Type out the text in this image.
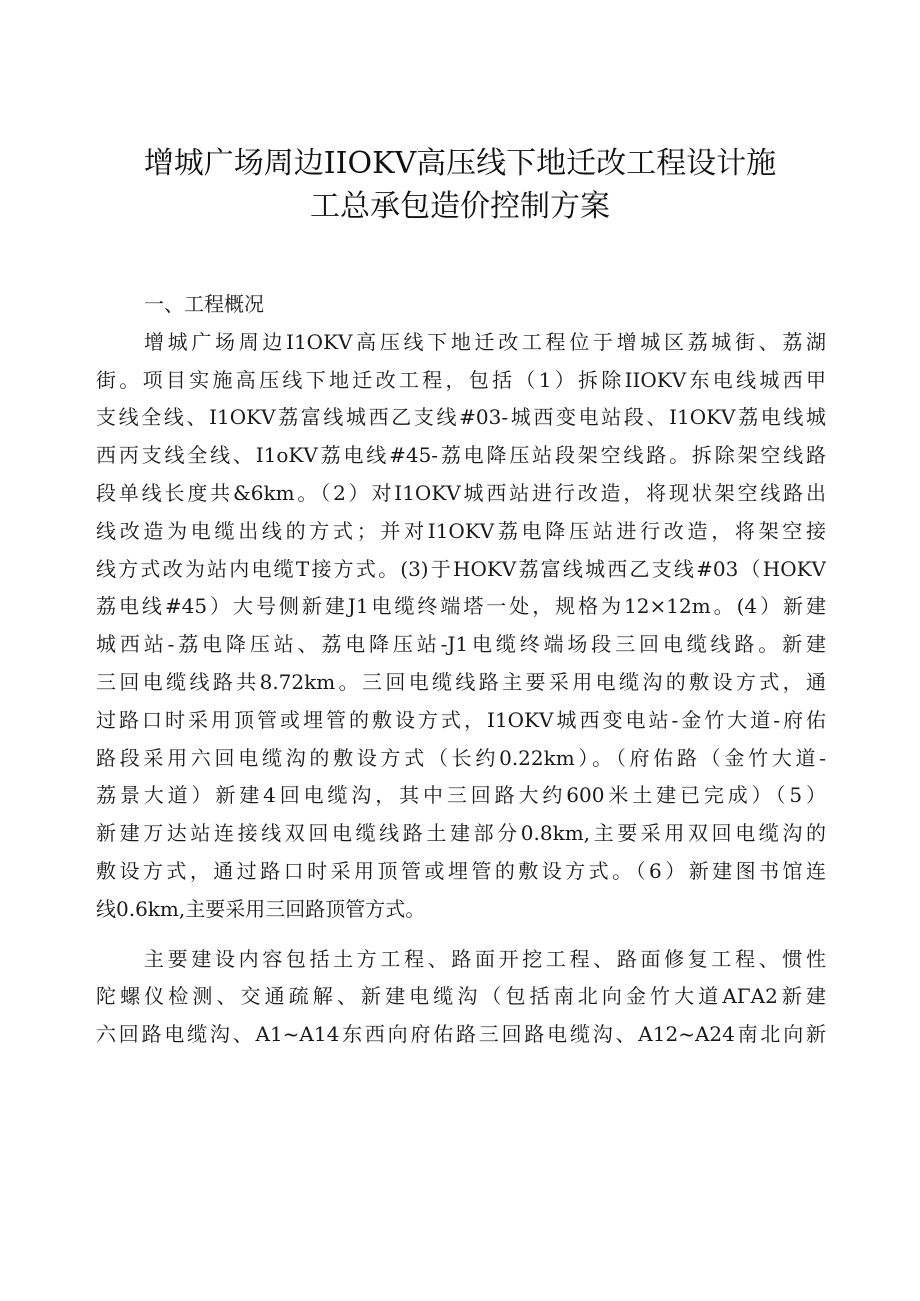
增城广场周边IIOKV高压线下地迁改工程设计施
工总承包造价控制方案
一、工程概况
增城广场周边I1OKV高压线下地迁改工程位于增城区荔城街、荔湖
街。项目实施高压线下地迁改工程，包括（1）拆除IIOKV东电线城西甲
支线全线、I1OKV荔富线城西乙支线#03-城西变电站段、I1OKV荔电线城
西丙支线全线、I1oKV荔电线#45-荔电降压站段架空线路。拆除架空线路
段单线长度共&6km。（2）对I1OKV城西站进行改造，将现状架空线路出
线改造为电缆出线的方式；并对I1OKV荔电降压站进行改造，将架空接
线方式改为站内电缆T接方式。(3)于HOKV荔富线城西乙支线#03（HOKV
荔电线#45）大号侧新建J1电缆终端塔一处，规格为12×12m。(4）新建
城西站-荔电降压站、荔电降压站-J1电缆终端场段三回电缆线路。新建
三回电缆线路共8.72km。三回电缆线路主要采用电缆沟的敷设方式，通
过路口时采用顶管或埋管的敷设方式，I1OKV城西变电站-金竹大道-府佑
路段采用六回电缆沟的敷设方式（长约0.22km）。（府佑路（金竹大道-
荔景大道）新建4回电缆沟，其中三回路大约600米土建已完成）（5）
新建万达站连接线双回电缆线路土建部分0.8km,主要采用双回电缆沟的
敷设方式，通过路口时采用顶管或埋管的敷设方式。（6）新建图书馆连
线0.6km,主要采用三回路顶管方式。
主要建设内容包括土方工程、路面开挖工程、路面修复工程、惯性
陀螺仪检测、交通疏解、新建电缆沟（包括南北向金竹大道AΓA2新建
六回路电缆沟、A1~A14东西向府佑路三回路电缆沟、A12~A24南北向新
